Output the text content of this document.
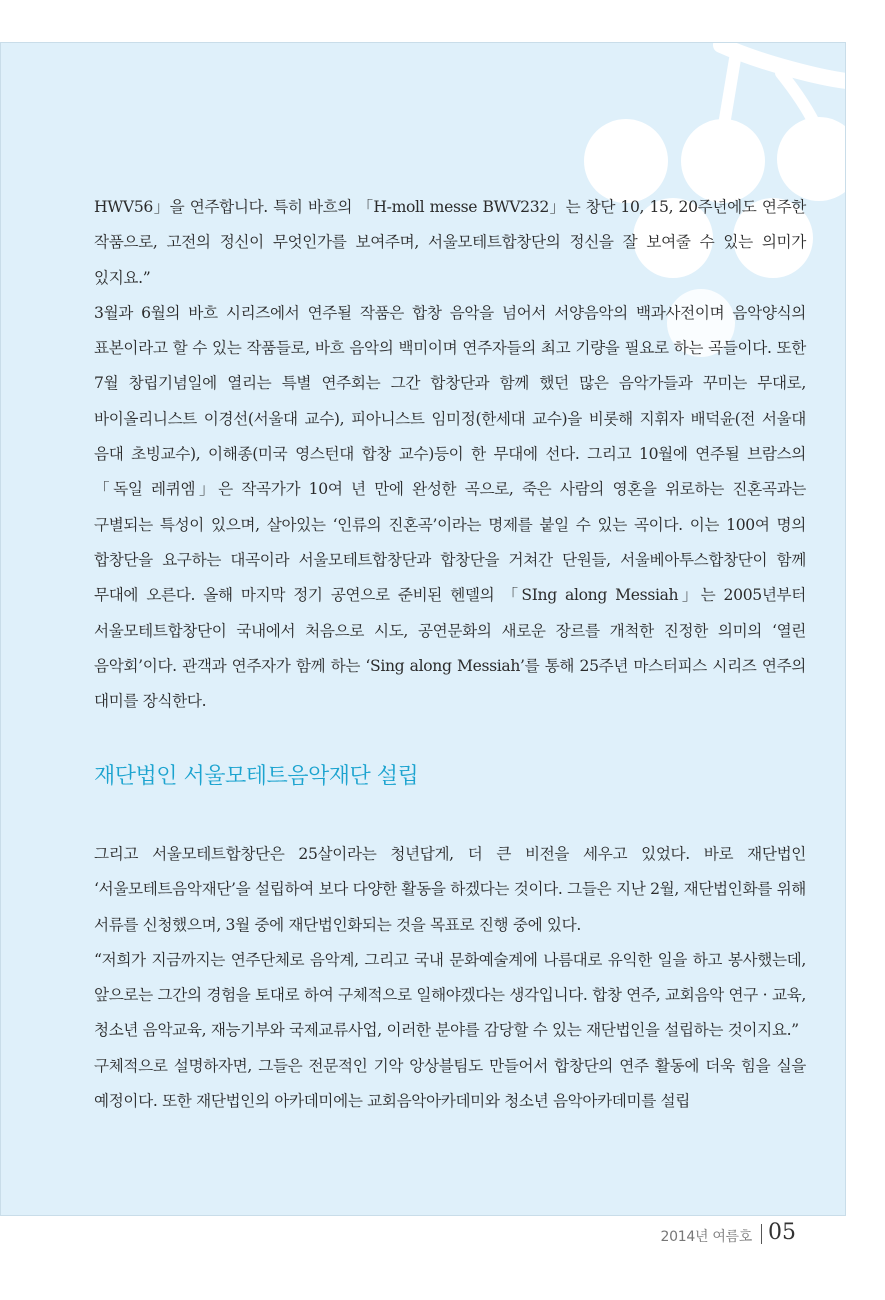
HWV56」을 연주합니다. 특히 바흐의 「H-moll messe BWV232」는 창단 10, 15, 20주년에도 연주한 작품으로, 고전의 정신이 무엇인가를 보여주며, 서울모테트합창단의 정신을 잘 보여줄 수 있는 의미가 있지요.”

3월과 6월의 바흐 시리즈에서 연주될 작품은 합창 음악을 넘어서 서양음악의 백과사전이며 음악양식의 표본이라고 할 수 있는 작품들로, 바흐 음악의 백미이며 연주자들의 최고 기량을 필요로 하는 곡들이다. 또한 7월 창립기념일에 열리는 특별 연주회는 그간 합창단과 함께 했던 많은 음악가들과 꾸미는 무대로, 바이올리니스트 이경선(서울대 교수), 피아니스트 임미정(한세대 교수)을 비롯해 지휘자 배덕윤(전 서울대 음대 초빙교수), 이해종(미국 영스턴대 합창 교수)등이 한 무대에 선다. 그리고 10월에 연주될 브람스의 「독일 레퀴엠」은 작곡가가 10여 년 만에 완성한 곡으로, 죽은 사람의 영혼을 위로하는 진혼곡과는 구별되는 특성이 있으며, 살아있는 ‘인류의 진혼곡’이라는 명제를 붙일 수 있는 곡이다. 이는 100여 명의 합창단을 요구하는 대곡이라 서울모테트합창단과 합창단을 거쳐간 단원들, 서울베아투스합창단이 함께 무대에 오른다. 올해 마지막 정기 공연으로 준비된 헨델의 「SIng along Messiah」는 2005년부터 서울모테트합창단이 국내에서 처음으로 시도, 공연문화의 새로운 장르를 개척한 진정한 의미의 ‘열린 음악회’이다. 관객과 연주자가 함께 하는 ‘Sing along Messiah’를 통해 25주년 마스터피스 시리즈 연주의 대미를 장식한다.

재단법인 서울모테트음악재단 설립

그리고 서울모테트합창단은 25살이라는 청년답게, 더 큰 비전을 세우고 있었다. 바로 재단법인 ‘서울모테트음악재단’을 설립하여 보다 다양한 활동을 하겠다는 것이다. 그들은 지난 2월, 재단법인화를 위해 서류를 신청했으며, 3월 중에 재단법인화되는 것을 목표로 진행 중에 있다.

“저희가 지금까지는 연주단체로 음악계, 그리고 국내 문화예술계에 나름대로 유익한 일을 하고 봉사했는데, 앞으로는 그간의 경험을 토대로 하여 구체적으로 일해야겠다는 생각입니다. 합창 연주, 교회음악 연구 · 교육, 청소년 음악교육, 재능기부와 국제교류사업, 이러한 분야를 감당할 수 있는 재단법인을 설립하는 것이지요.”

구체적으로 설명하자면, 그들은 전문적인 기악 앙상블팀도 만들어서 합창단의 연주 활동에 더욱 힘을 실을 예정이다. 또한 재단법인의 아카데미에는 교회음악아카데미와 청소년 음악아카데미를 설립

2014년 여름호 05
